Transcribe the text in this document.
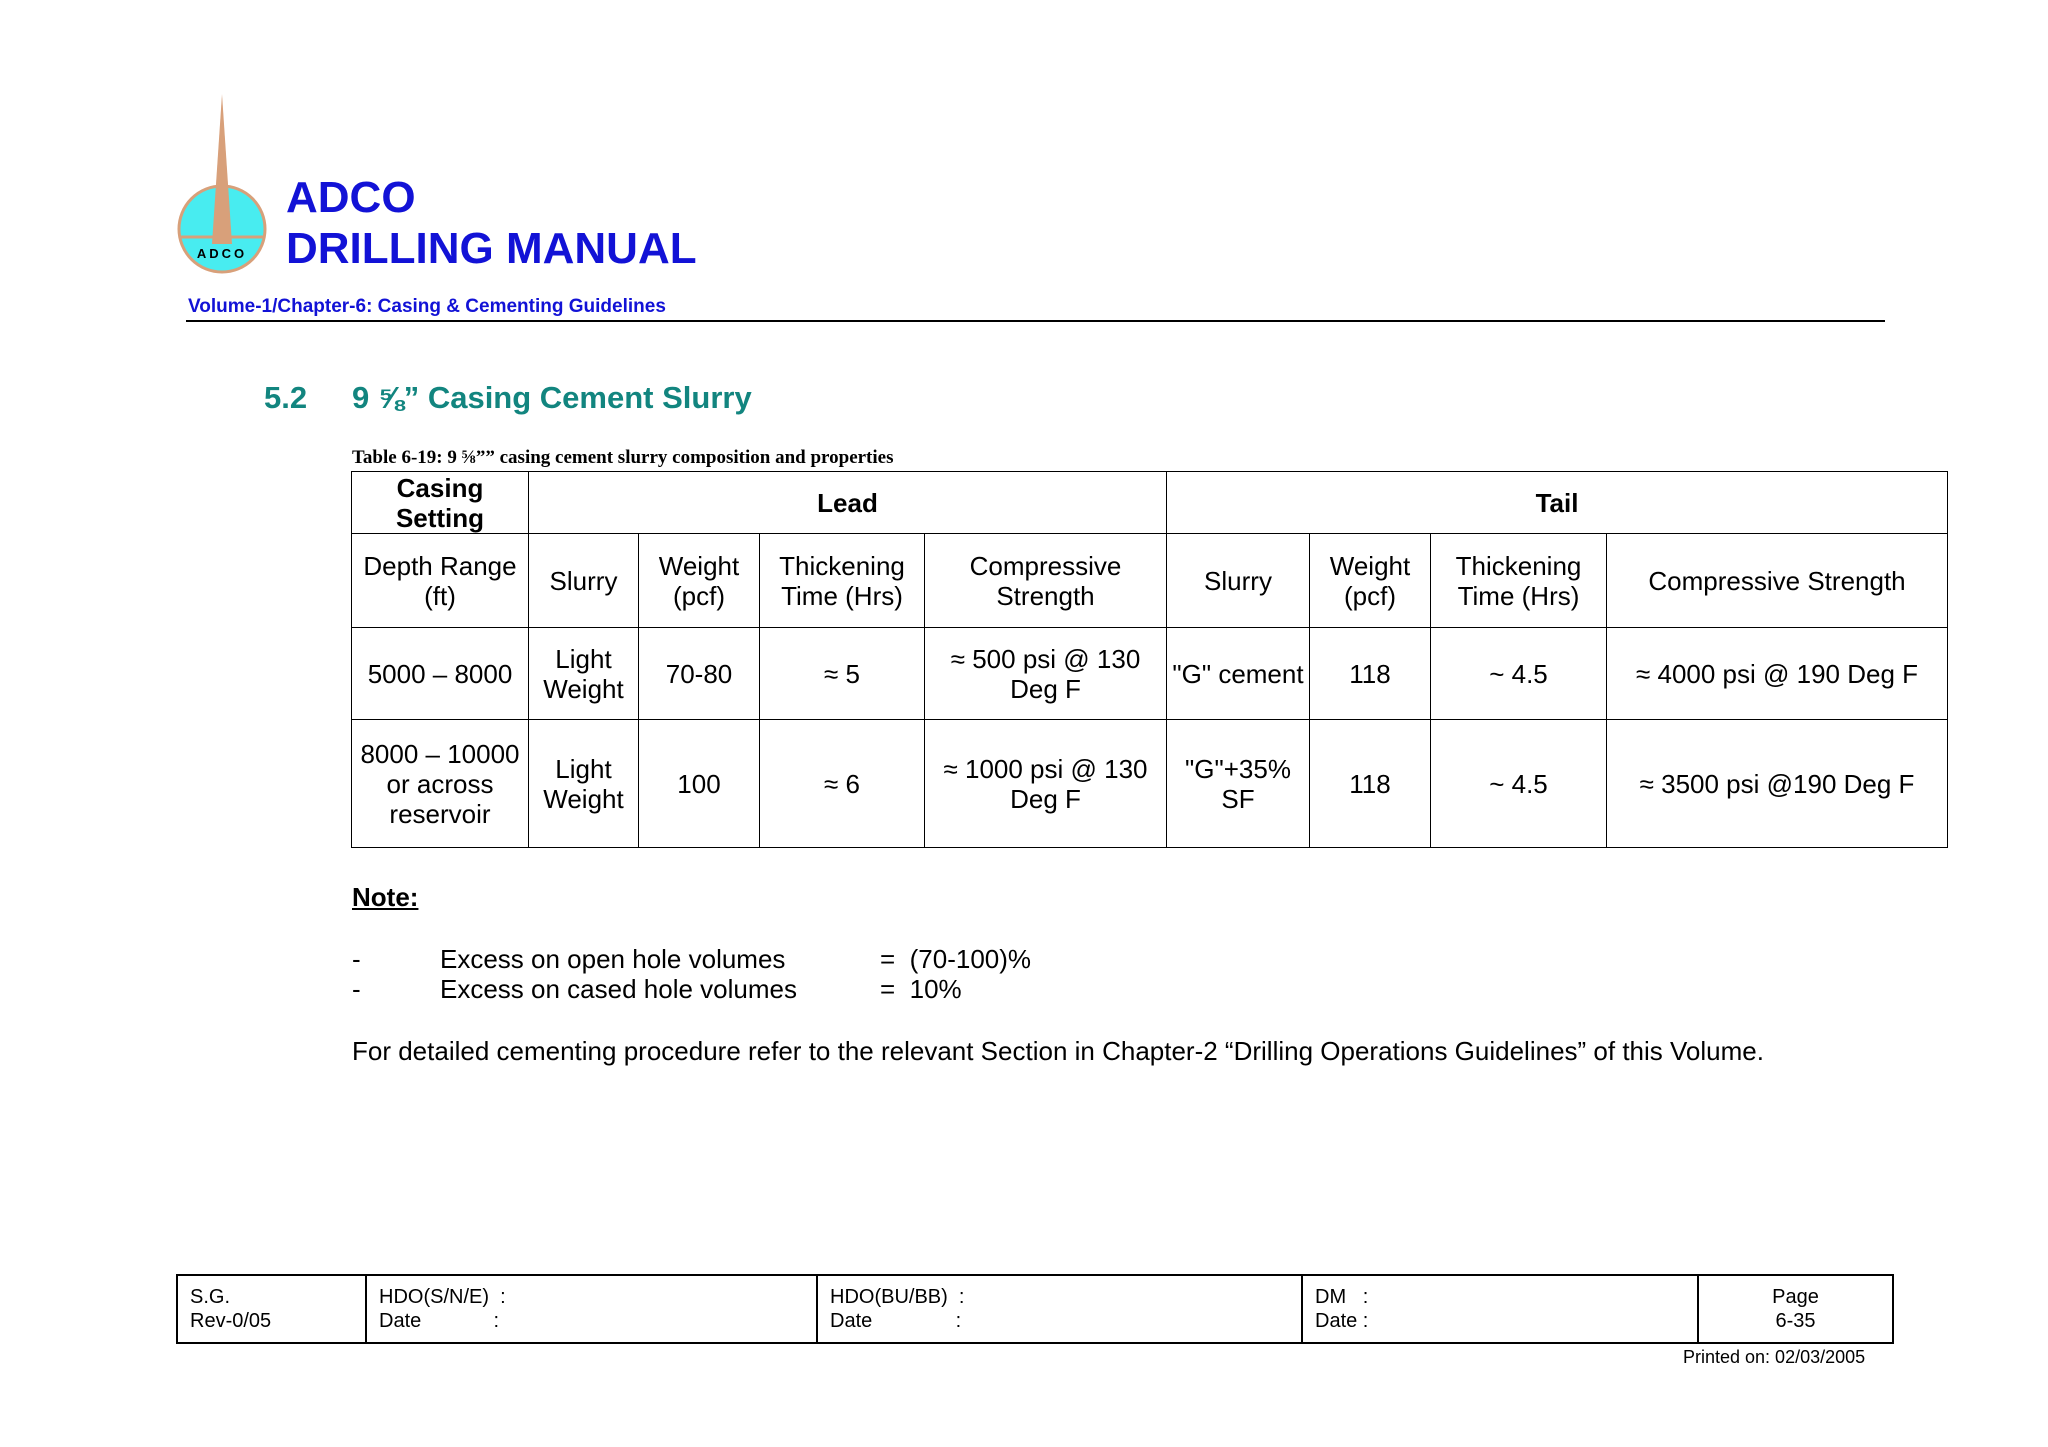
ADCO
ADCO
DRILLING MANUAL
Volume-1/Chapter-6: Casing & Cementing Guidelines
5.2 9 ⅝” Casing Cement Slurry
Table 6-19: 9 ⅝”” casing cement slurry composition and properties
Casing Setting	Lead				Tail			
Depth Range (ft)	Slurry	Weight (pcf)	Thickening Time (Hrs)	Compressive Strength	Slurry	Weight (pcf)	Thickening Time (Hrs)	Compressive Strength
5000 – 8000	Light Weight	70-80	≈ 5	≈ 500 psi @ 130 Deg F	"G" cement	118	~ 4.5	≈ 4000 psi @ 190 Deg F
8000 – 10000 or across reservoir	Light Weight	100	≈ 6	≈ 1000 psi @ 130 Deg F	"G"+35% SF	118	~ 4.5	≈ 3500 psi @190 Deg F
Note:
-	Excess on open hole volumes	=  (70-100)%
-	Excess on cased hole volumes	=  10%
For detailed cementing procedure refer to the relevant Section in Chapter-2 “Drilling Operations Guidelines” of this Volume.
S.G.
Rev-0/05

HDO(S/N/E)  :
Date             :

HDO(BU/BB)  :
Date               :

DM   :
Date :

Page
6-35
Printed on: 02/03/2005
